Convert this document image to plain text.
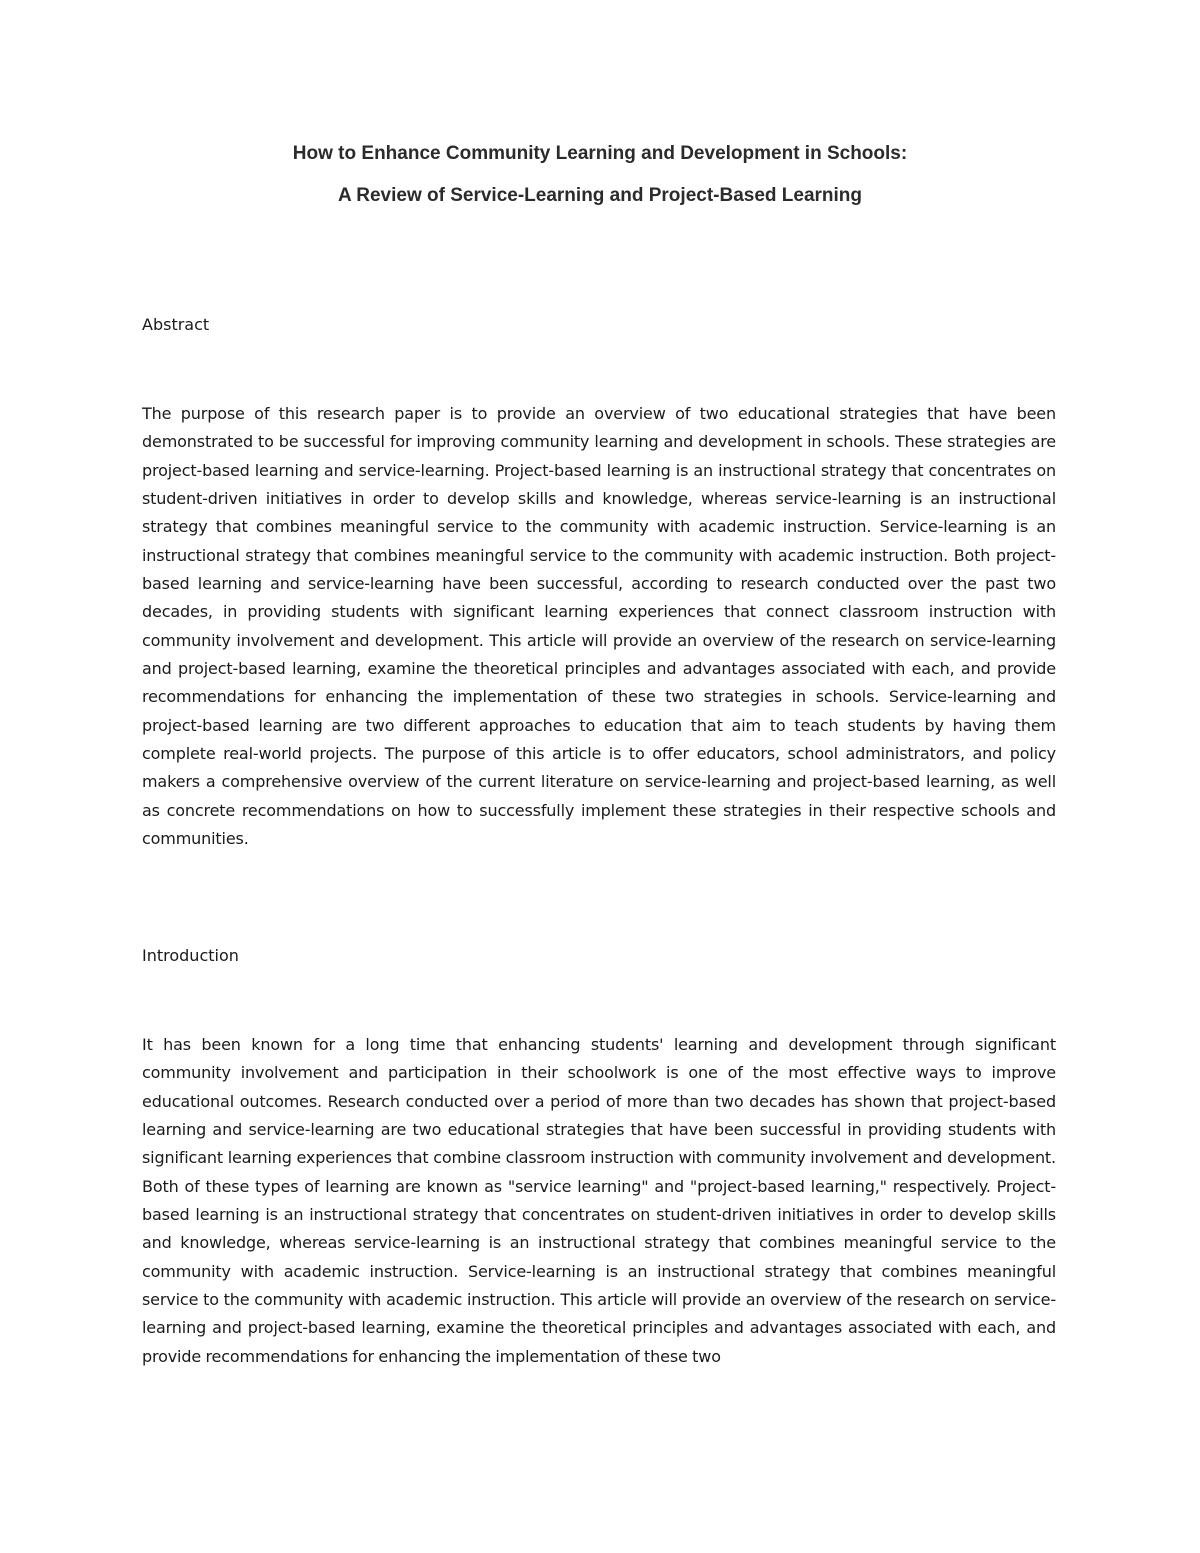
How to Enhance Community Learning and Development in Schools:
A Review of Service-Learning and Project-Based Learning
Abstract

The purpose of this research paper is to provide an overview of two educational strategies that have been demonstrated to be successful for improving community learning and development in schools. These strategies are project-based learning and service-learning. Project-based learning is an instructional strategy that concentrates on student-driven initiatives in order to develop skills and knowledge, whereas service-learning is an instructional strategy that combines meaningful service to the community with academic instruction. Service-learning is an instructional strategy that combines meaningful service to the community with academic instruction. Both project-based learning and service-learning have been successful, according to research conducted over the past two decades, in providing students with significant learning experiences that connect classroom instruction with community involvement and development. This article will provide an overview of the research on service-learning and project-based learning, examine the theoretical principles and advantages associated with each, and provide recommendations for enhancing the implementation of these two strategies in schools. Service-learning and project-based learning are two different approaches to education that aim to teach students by having them complete real-world projects. The purpose of this article is to offer educators, school administrators, and policy makers a comprehensive overview of the current literature on service-learning and project-based learning, as well as concrete recommendations on how to successfully implement these strategies in their respective schools and communities.

Introduction

It has been known for a long time that enhancing students' learning and development through significant community involvement and participation in their schoolwork is one of the most effective ways to improve educational outcomes. Research conducted over a period of more than two decades has shown that project-based learning and service-learning are two educational strategies that have been successful in providing students with significant learning experiences that combine classroom instruction with community involvement and development. Both of these types of learning are known as "service learning" and "project-based learning," respectively. Project-based learning is an instructional strategy that concentrates on student-driven initiatives in order to develop skills and knowledge, whereas service-learning is an instructional strategy that combines meaningful service to the community with academic instruction. Service-learning is an instructional strategy that combines meaningful service to the community with academic instruction. This article will provide an overview of the research on service-learning and project-based learning, examine the theoretical principles and advantages associated with each, and provide recommendations for enhancing the implementation of these two
